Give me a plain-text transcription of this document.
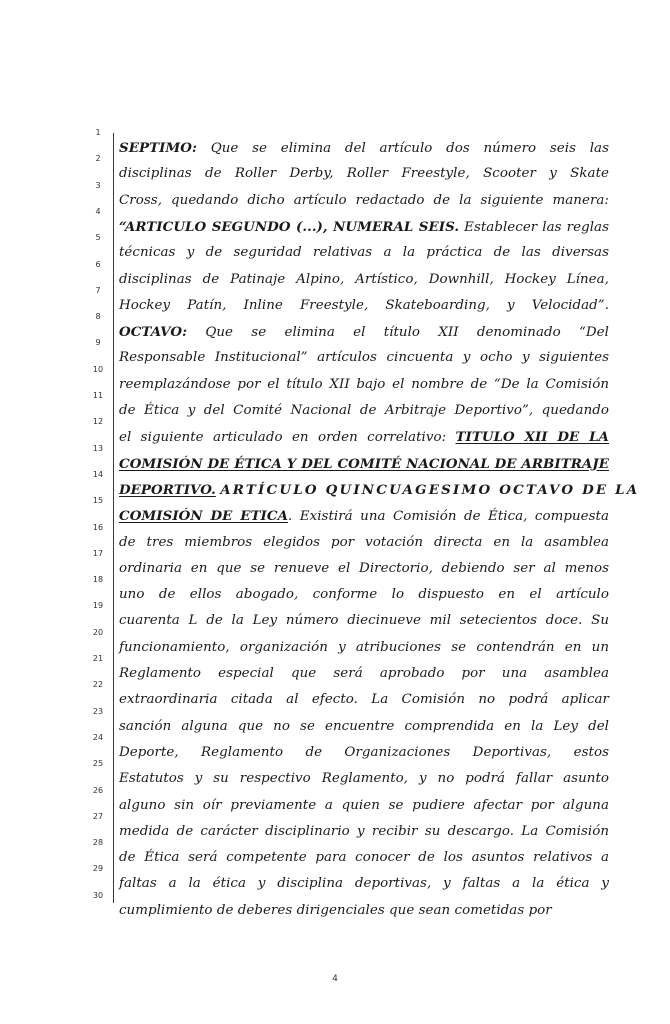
1
2
3
4
5
6
7
8
9
10
11
12
13
14
15
16
17
18
19
20
21
22
23
24
25
26
27
28
29
30
SEPTIMO: Que se elimina del artículo dos número seis las
disciplinas de Roller Derby, Roller Freestyle, Scooter y Skate
Cross, quedando dicho artículo redactado de la siguiente manera:
“ARTICULO SEGUNDO (...), NUMERAL SEIS. Establecer las reglas
técnicas y de seguridad relativas a la práctica de las diversas
disciplinas de Patinaje Alpino, Artístico, Downhill, Hockey Línea,
Hockey Patín, Inline Freestyle, Skateboarding, y Velocidad”.
OCTAVO: Que se elimina el título XII denominado “Del
Responsable Institucional” artículos cincuenta y ocho y siguientes
reemplazándose por el título XII bajo el nombre de “De la Comisión
de Ética y del Comité Nacional de Arbitraje Deportivo”, quedando
el siguiente articulado en orden correlativo: TITULO XII DE LA
COMISIÓN DE ÉTICA Y DEL COMITÉ NACIONAL DE ARBITRAJE
DEPORTIVO. ARTÍCULO QUINCUAGESIMO OCTAVO DE LA
COMISIÓN DE ETICA. Existirá una Comisión de Ética, compuesta
de tres miembros elegidos por votación directa en la asamblea
ordinaria en que se renueve el Directorio, debiendo ser al menos
uno de ellos abogado, conforme lo dispuesto en el artículo
cuarenta L de la Ley número diecinueve mil setecientos doce. Su
funcionamiento, organización y atribuciones se contendrán en un
Reglamento especial que será aprobado por una asamblea
extraordinaria citada al efecto. La Comisión no podrá aplicar
sanción alguna que no se encuentre comprendida en la Ley del
Deporte, Reglamento de Organizaciones Deportivas, estos
Estatutos y su respectivo Reglamento, y no podrá fallar asunto
alguno sin oír previamente a quien se pudiere afectar por alguna
medida de carácter disciplinario y recibir su descargo. La Comisión
de Ética será competente para conocer de los asuntos relativos a
faltas a la ética y disciplina deportivas, y faltas a la ética y
cumplimiento de deberes dirigenciales que sean cometidas por
4
